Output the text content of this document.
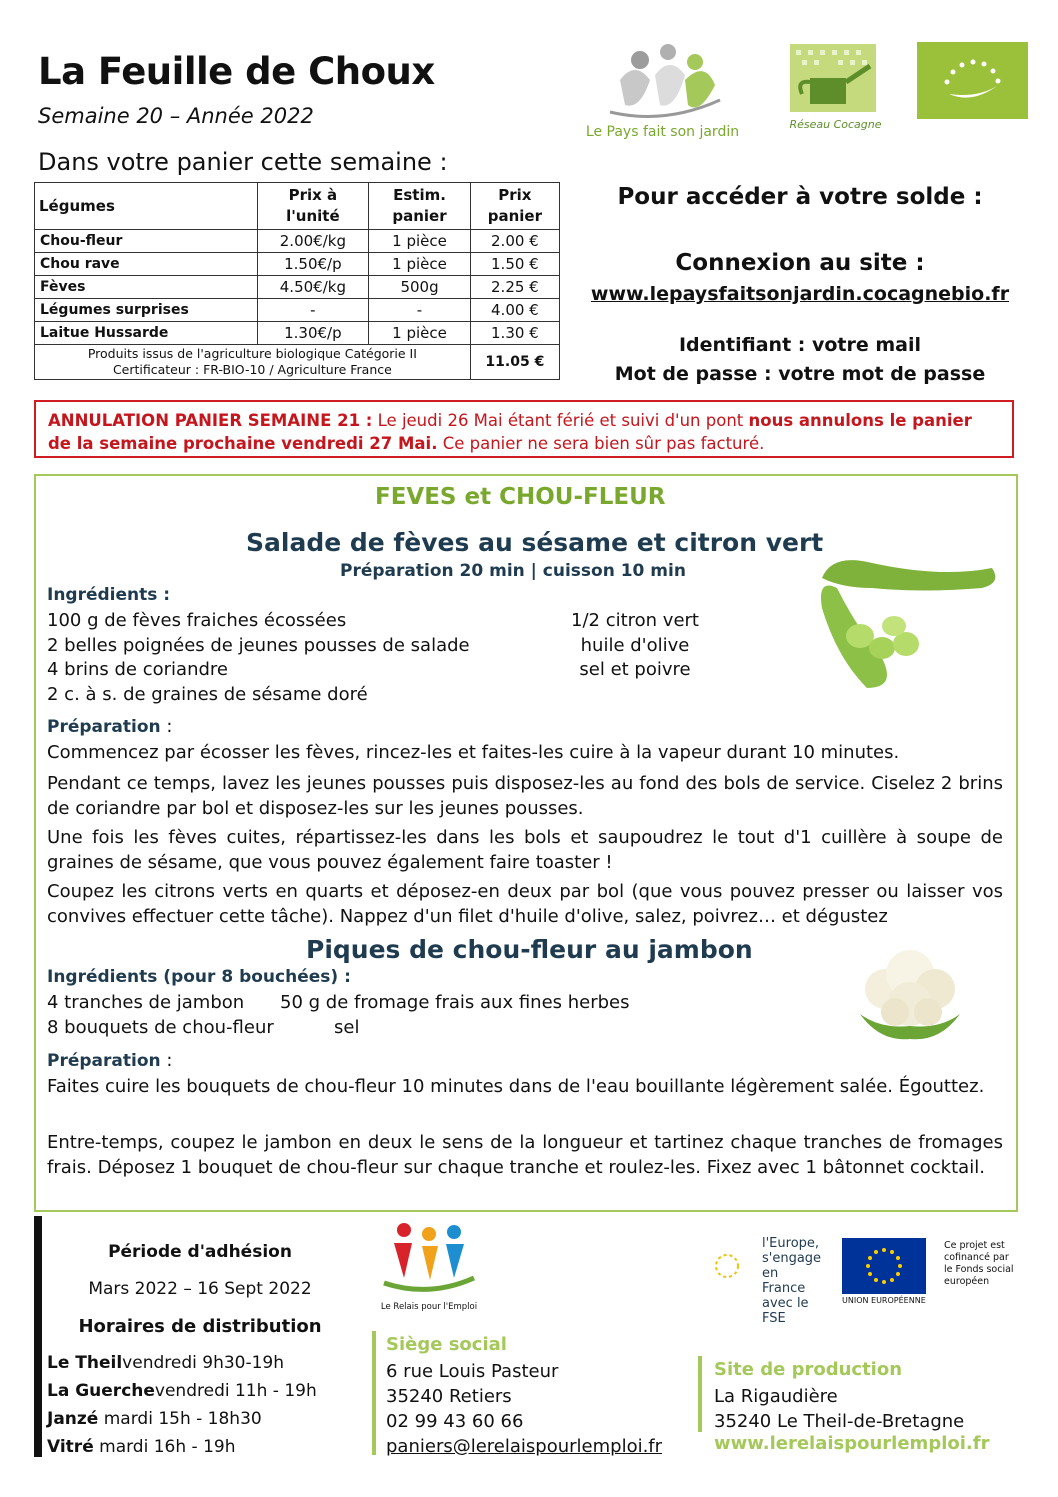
La Feuille de Choux
Semaine 20 – Année 2022
Dans votre panier cette semaine :
Le Pays fait son jardin	Réseau Cocagne
Légumes	Prix à l'unité	Estim. panier	Prix panier
Chou-fleur	2.00€/kg	1 pièce	2.00 €
Chou rave	1.50€/p	1 pièce	1.50 €
Fèves	4.50€/kg	500g	2.25 €
Légumes surprises	-	-	4.00 €
Laitue Hussarde	1.30€/p	1 pièce	1.30 €

Produits issus de l'agriculture biologique Catégorie II
Certificateur : FR-BIO-10 / Agriculture France			11.05 €
Pour accéder à votre solde :
Connexion au site :
www.lepaysfaitsonjardin.cocagnebio.fr
Identifiant : votre mail
Mot de passe : votre mot de passe
ANNULATION PANIER SEMAINE 21 : Le jeudi 26 Mai étant férié et suivi d'un pont nous annulons le panier de la semaine prochaine vendredi 27 Mai. Ce panier ne sera bien sûr pas facturé.
FEVES et CHOU-FLEUR
Salade de fèves au sésame et citron vert
Préparation 20 min | cuisson 10 min
Ingrédients :
100 g de fèves fraiches écossées
2 belles poignées de jeunes pousses de salade
4 brins de coriandre
2 c. à s. de graines de sésame doré
1/2 citron vert
huile d'olive
sel et poivre
Préparation :
Commencez par écosser les fèves, rincez-les et faites-les cuire à la vapeur durant 10 minutes.
Pendant ce temps, lavez les jeunes pousses puis disposez-les au fond des bols de service. Ciselez 2 brins de coriandre par bol et disposez-les sur les jeunes pousses.
Une fois les fèves cuites, répartissez-les dans les bols et saupoudrez le tout d'1 cuillère à soupe de graines de sésame, que vous pouvez également faire toaster !
Coupez les citrons verts en quarts et déposez-en deux par bol (que vous pouvez presser ou laisser vos convives effectuer cette tâche). Nappez d'un filet d'huile d'olive, salez, poivrez… et dégustez
Piques de chou-fleur au jambon
Ingrédients (pour 8 bouchées) :
4 tranches de jambon 50 g de fromage frais aux fines herbes
8 bouquets de chou-fleur	sel
Préparation :
Faites cuire les bouquets de chou-fleur 10 minutes dans de l'eau bouillante légèrement salée. Égouttez.
Entre-temps, coupez le jambon en deux le sens de la longueur et tartinez chaque tranches de fromages frais. Déposez 1 bouquet de chou-fleur sur chaque tranche et roulez-les. Fixez avec 1 bâtonnet cocktail.
Période d'adhésion
Mars 2022 – 16 Sept 2022
Horaires de distribution
Le Theilvendredi 9h30-19h
La Guerchevendredi 11h - 19h
Janzé mardi 15h - 18h30
Vitré mardi 16h - 19h
Le Relais pour l'Emploi
l'Europe, s'engage en France avec le FSE
UNION EUROPÉENNE
Ce projet est cofinancé par le Fonds social européen
Siège social
6 rue Louis Pasteur
35240 Retiers
02 99 43 60 66
paniers@lerelaispourlemploi.fr
Site de production
La Rigaudière
35240 Le Theil-de-Bretagne
www.lerelaispourlemploi.fr
